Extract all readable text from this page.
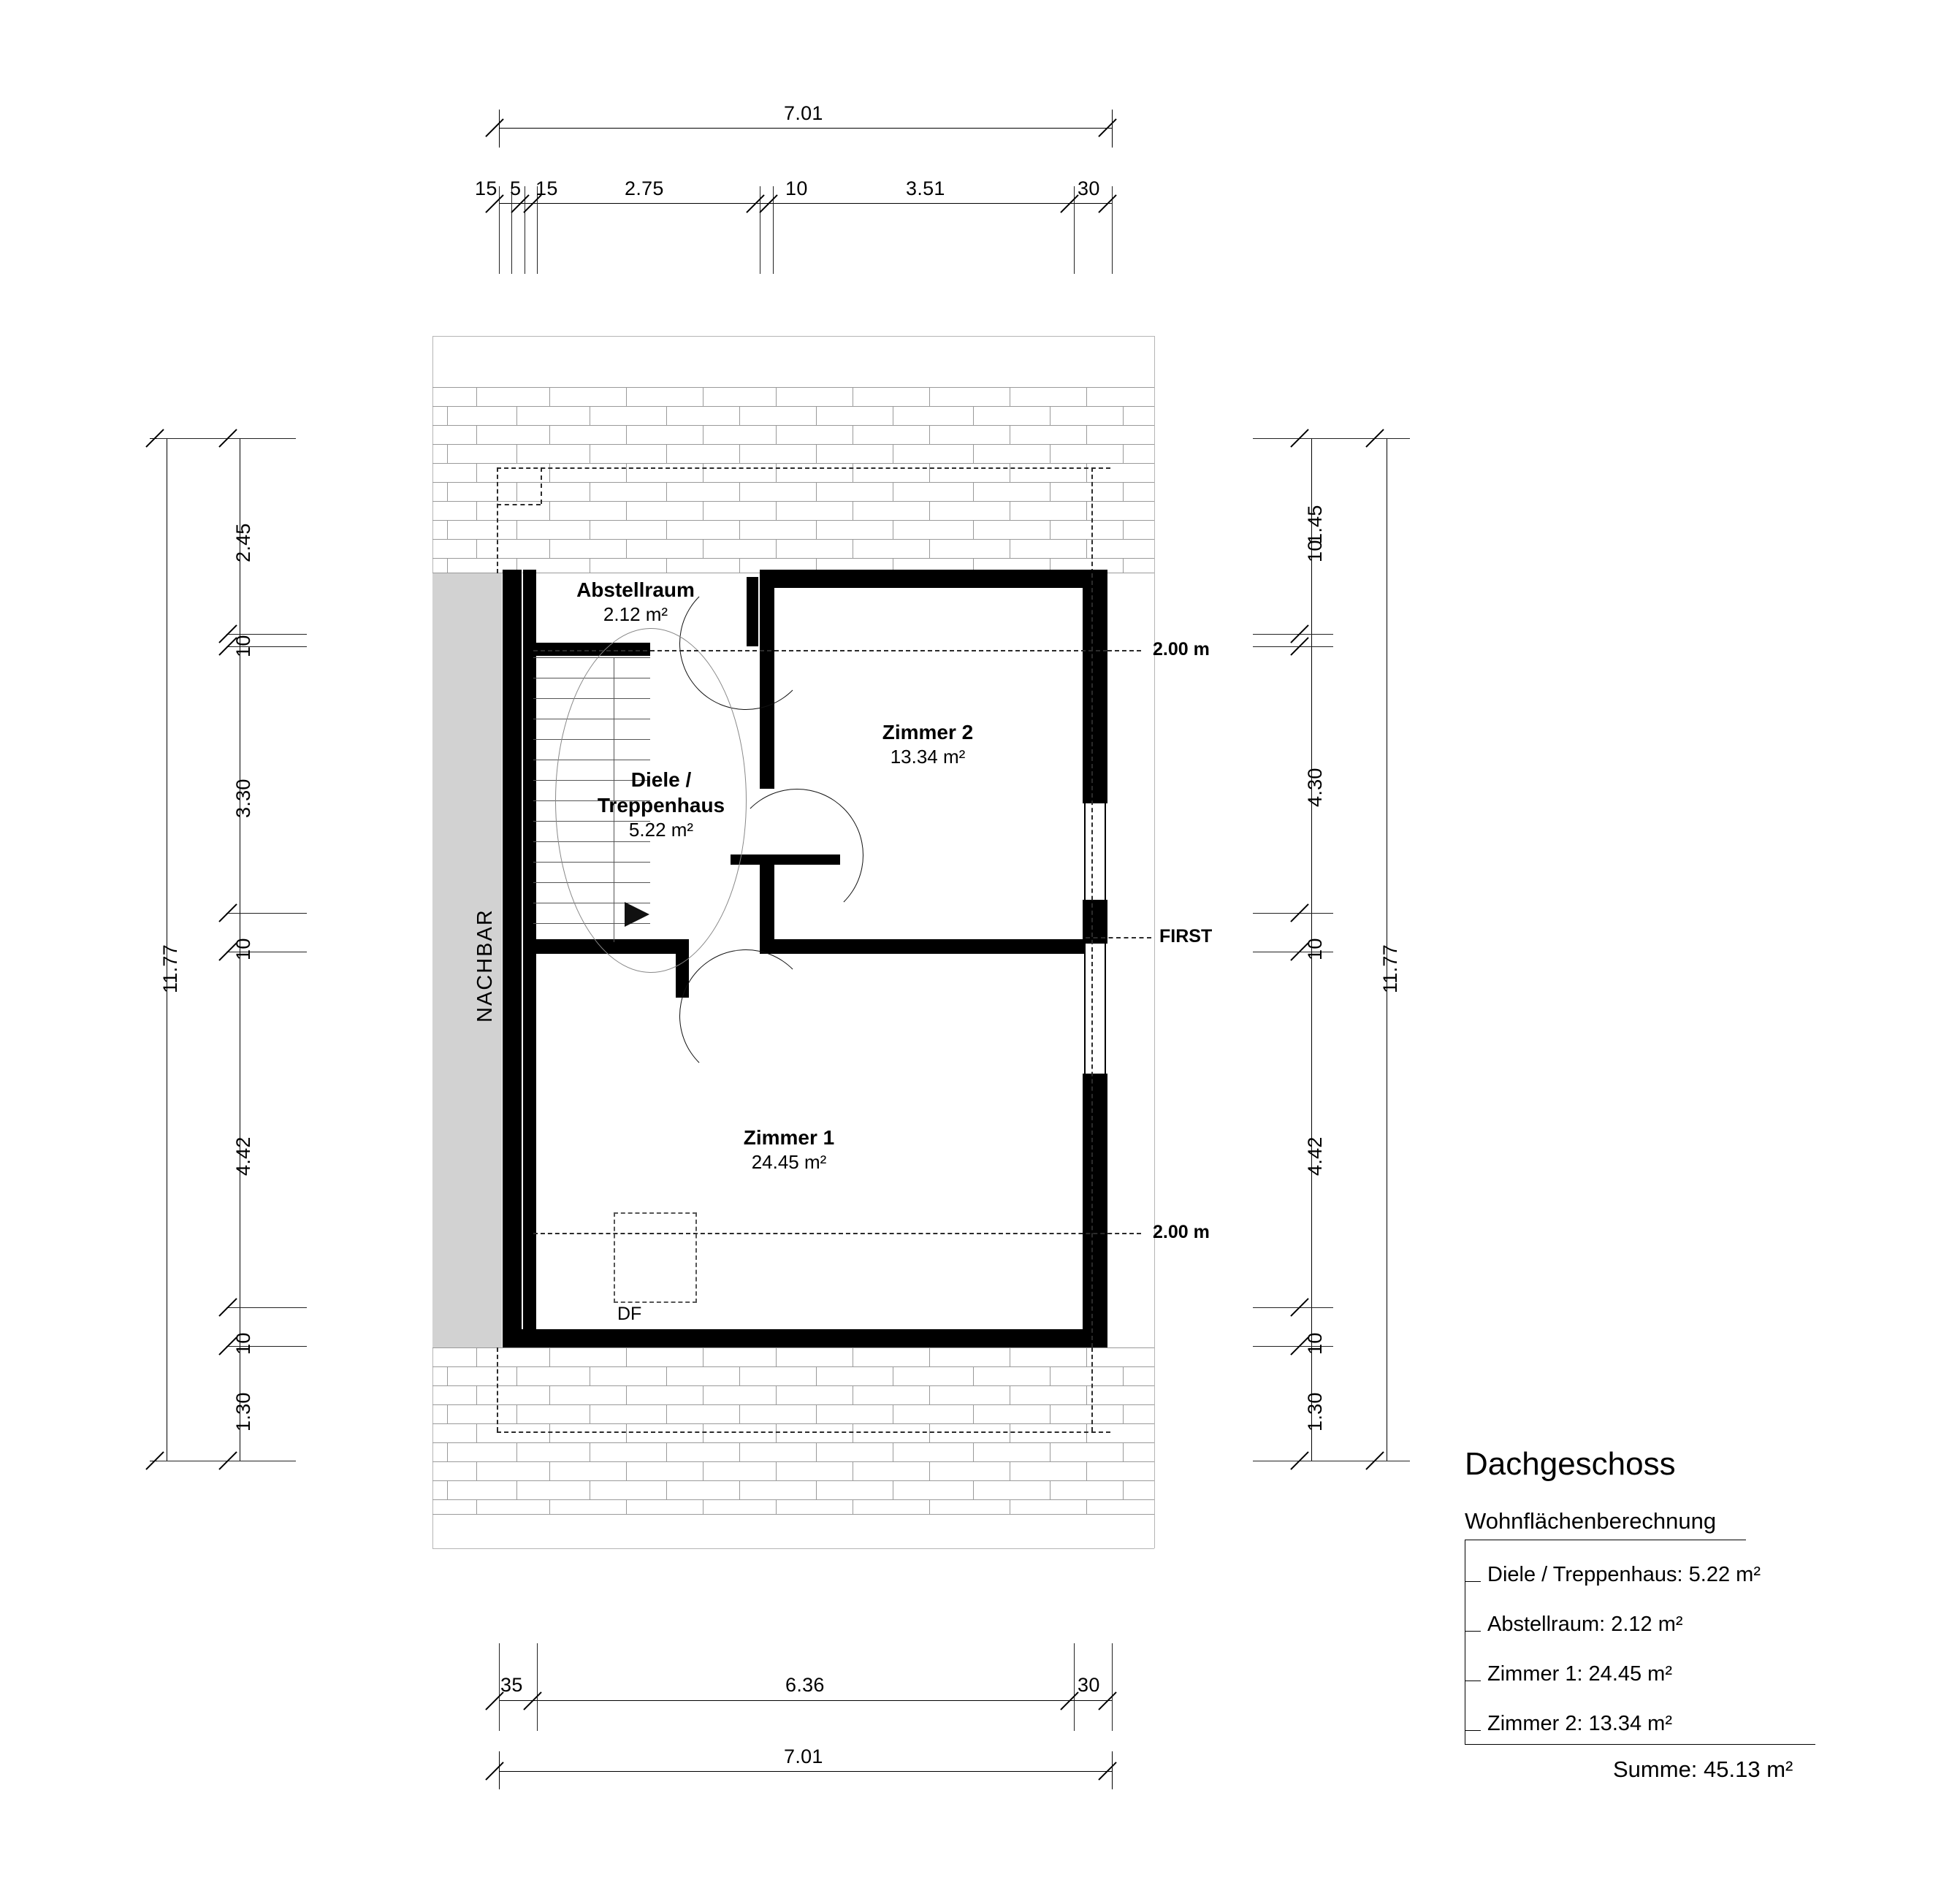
7.01
15 5 15	2.75	10	3.51	30
11.77
2.45
10
3.30
10
4.42
10
1.30
10
1.45
4.30
10
4.42
10
1.30
11.77
NACHBAR
2.00 m
FIRST
2.00 m
DF
Abstellraum
2.12 m²
Diele /
Treppenhaus
5.22 m²
Zimmer 2
13.34 m²
Zimmer 1
24.45 m²
35	6.36	30
7.01
Dachgeschoss
Wohnflächenberechnung
Diele / Treppenhaus: 5.22 m²
Abstellraum: 2.12 m²
Zimmer 1: 24.45 m²
Zimmer 2: 13.34 m²
Summe: 45.13 m²
